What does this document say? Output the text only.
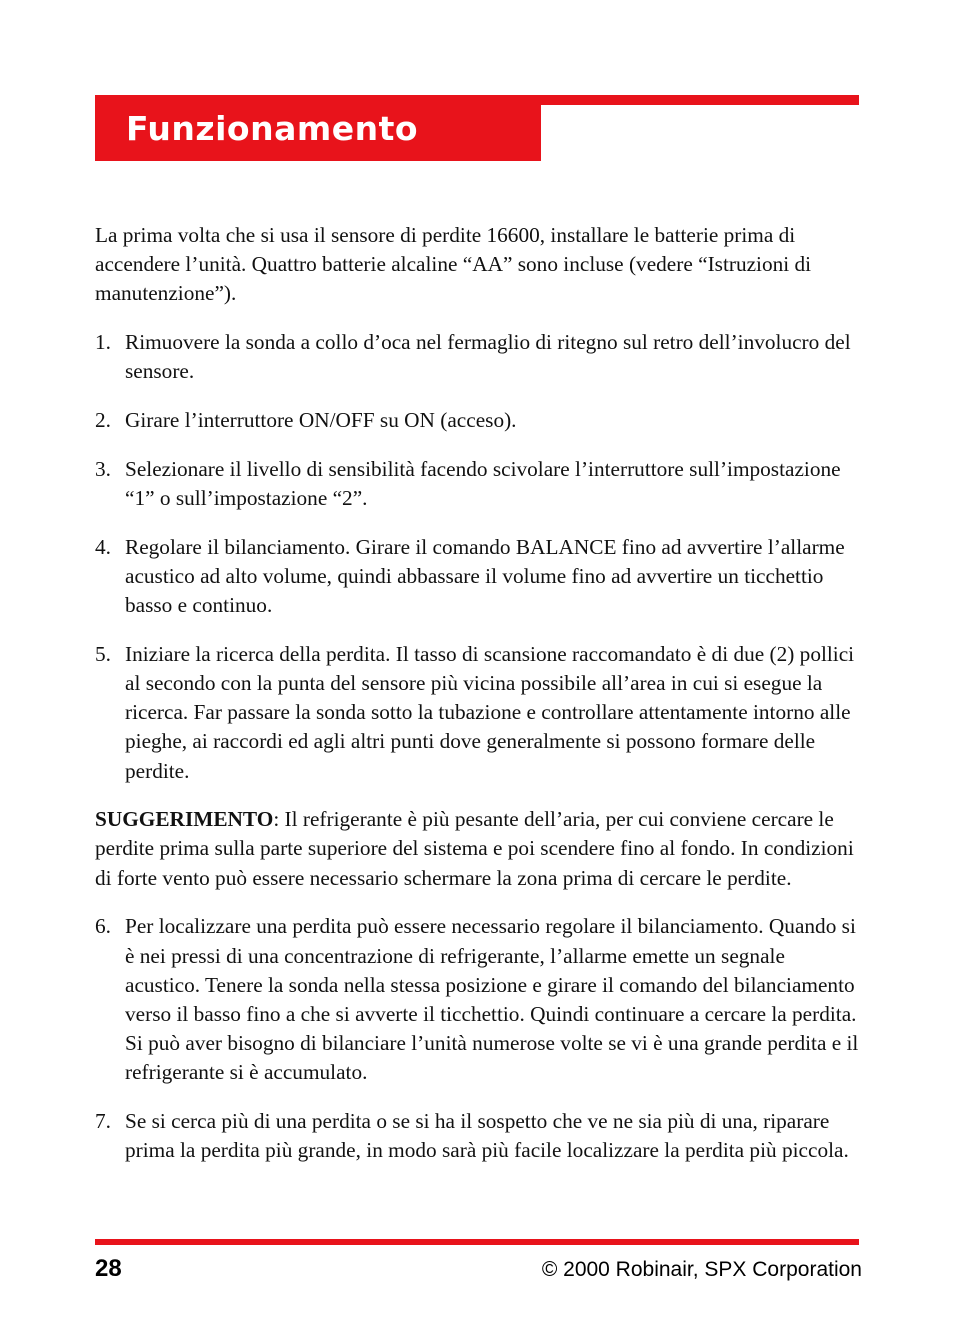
Funzionamento

La prima volta che si usa il sensore di perdite 16600, installare le batterie prima di accendere l’unità. Quattro batterie alcaline “AA” sono incluse (vedere “Istruzioni di manutenzione”).

1. Rimuovere la sonda a collo d’oca nel fermaglio di ritegno sul retro dell’involucro del sensore.
2. Girare l’interruttore ON/OFF su ON (acceso).
3. Selezionare il livello di sensibilità facendo scivolare l’interruttore sull’impostazione “1” o sull’impostazione “2”.
4. Regolare il bilanciamento. Girare il comando BALANCE fino ad avvertire l’allarme acustico ad alto volume, quindi abbassare il volume fino ad avvertire un ticchettio basso e continuo.
5. Iniziare la ricerca della perdita. Il tasso di scansione raccomandato è di due (2) pollici al secondo con la punta del sensore più vicina possibile all’area in cui si esegue la ricerca. Far passare la sonda sotto la tubazione e controllare attentamente intorno alle pieghe, ai raccordi ed agli altri punti dove generalmente si possono formare delle perdite.

SUGGERIMENTO: Il refrigerante è più pesante dell’aria, per cui conviene cercare le perdite prima sulla parte superiore del sistema e poi scendere fino al fondo. In condizioni di forte vento può essere necessario schermare la zona prima di cercare le perdite.

6. Per localizzare una perdita può essere necessario regolare il bilanciamento. Quando si è nei pressi di una concentrazione di refrigerante, l’allarme emette un segnale acustico. Tenere la sonda nella stessa posizione e girare il comando del bilanciamento verso il basso fino a che si avverte il ticchettio. Quindi continuare a cercare la perdita. Si può aver bisogno di bilanciare l’unità numerose volte se vi è una grande perdita e il refrigerante si è accumulato.
7. Se si cerca più di una perdita o se si ha il sospetto che ve ne sia più di una, riparare prima la perdita più grande, in modo sarà più facile localizzare la perdita più piccola.
28	© 2000 Robinair, SPX Corporation
